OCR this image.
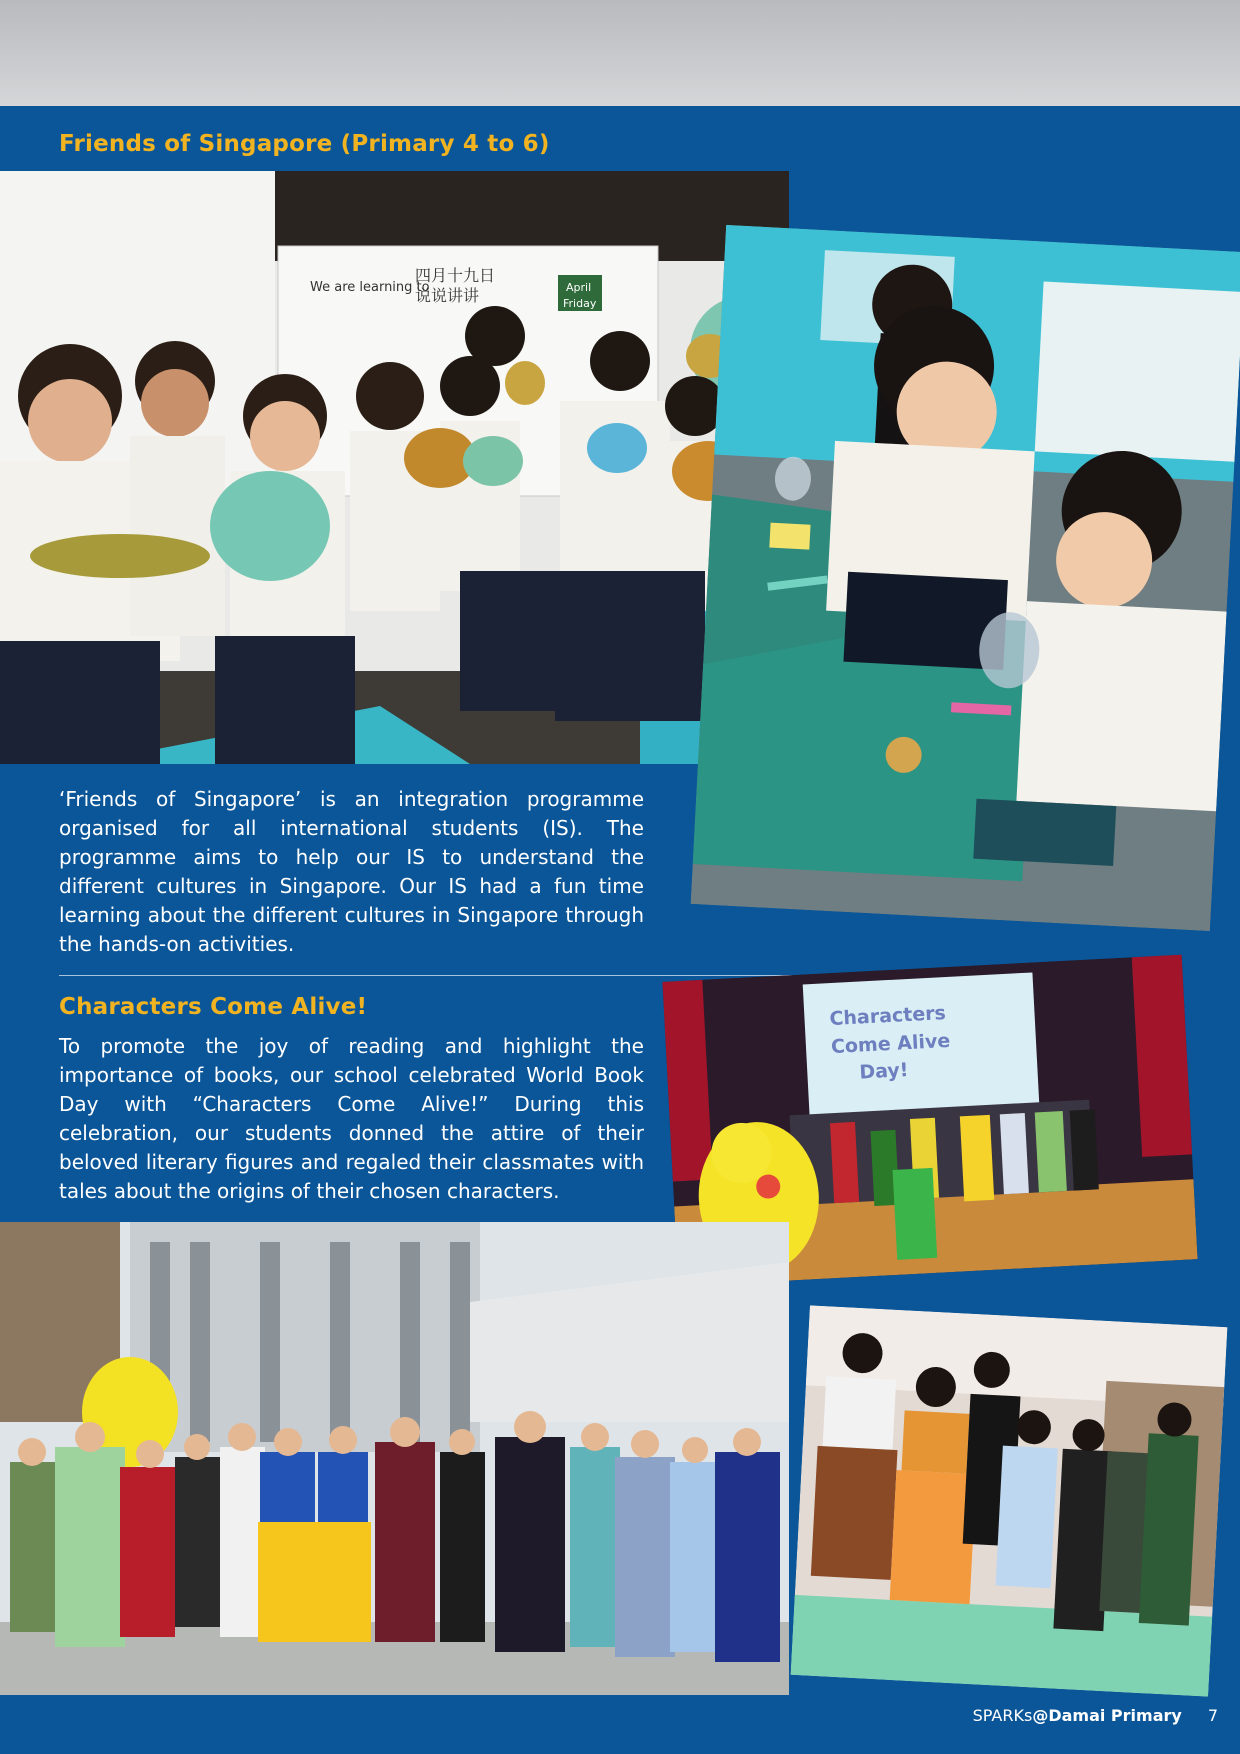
Friends of Singapore (Primary 4 to 6)
We are learning to
四月十九日
说说讲讲	April
Friday
‘Friends of Singapore’ is an integration programme organised for all international students (IS). The programme aims to help our IS to understand the different cultures in Singapore. Our IS had a fun time learning about the different cultures in Singapore through the hands-on activities.
Characters Come Alive!
To promote the joy of reading and highlight the importance of books, our school celebrated World Book Day with “Characters Come Alive!” During this celebration, our students donned the attire of their beloved literary figures and regaled their classmates with tales about the origins of their chosen characters.
Characters
Come Alive
Day!
SPARKs@Damai Primary 7
